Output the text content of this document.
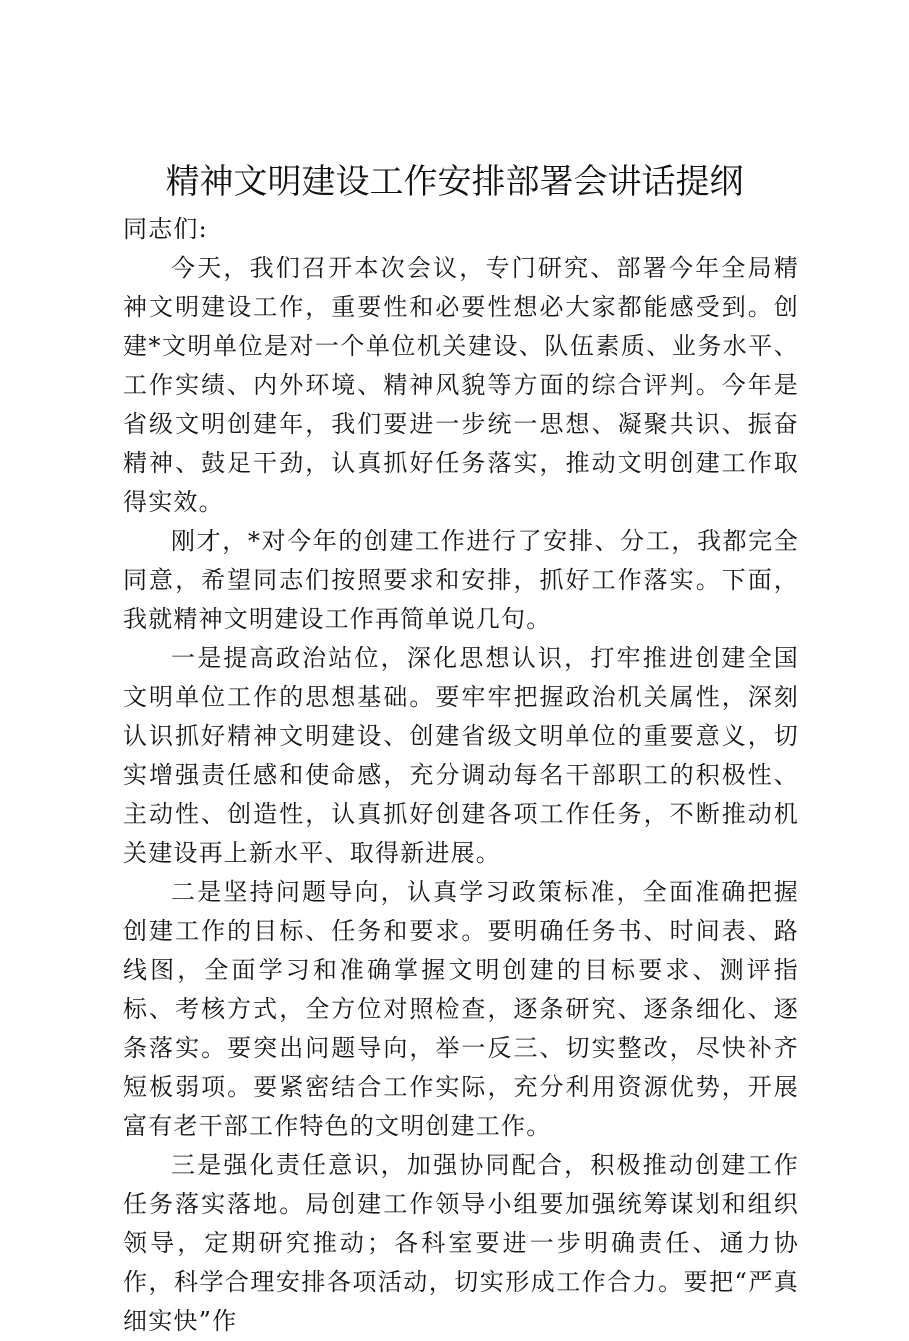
精神文明建设工作安排部署会讲话提纲

同志们:

今天，我们召开本次会议，专门研究、部署今年全局精神文明建设工作，重要性和必要性想必大家都能感受到。创建*文明单位是对一个单位机关建设、队伍素质、业务水平、工作实绩、内外环境、精神风貌等方面的综合评判。今年是省级文明创建年，我们要进一步统一思想、凝聚共识、振奋精神、鼓足干劲，认真抓好任务落实，推动文明创建工作取得实效。

刚才，*对今年的创建工作进行了安排、分工，我都完全同意，希望同志们按照要求和安排，抓好工作落实。下面，我就精神文明建设工作再简单说几句。

一是提高政治站位，深化思想认识，打牢推进创建全国文明单位工作的思想基础。要牢牢把握政治机关属性，深刻认识抓好精神文明建设、创建省级文明单位的重要意义，切实增强责任感和使命感，充分调动每名干部职工的积极性、主动性、创造性，认真抓好创建各项工作任务，不断推动机关建设再上新水平、取得新进展。

二是坚持问题导向，认真学习政策标准，全面准确把握创建工作的目标、任务和要求。要明确任务书、时间表、路线图，全面学习和准确掌握文明创建的目标要求、测评指标、考核方式，全方位对照检查，逐条研究、逐条细化、逐条落实。要突出问题导向，举一反三、切实整改，尽快补齐短板弱项。要紧密结合工作实际，充分利用资源优势，开展富有老干部工作特色的文明创建工作。

三是强化责任意识，加强协同配合，积极推动创建工作任务落实落地。局创建工作领导小组要加强统筹谋划和组织领导，定期研究推动；各科室要进一步明确责任、通力协作，科学合理安排各项活动，切实形成工作合力。要把“严真细实快”作
